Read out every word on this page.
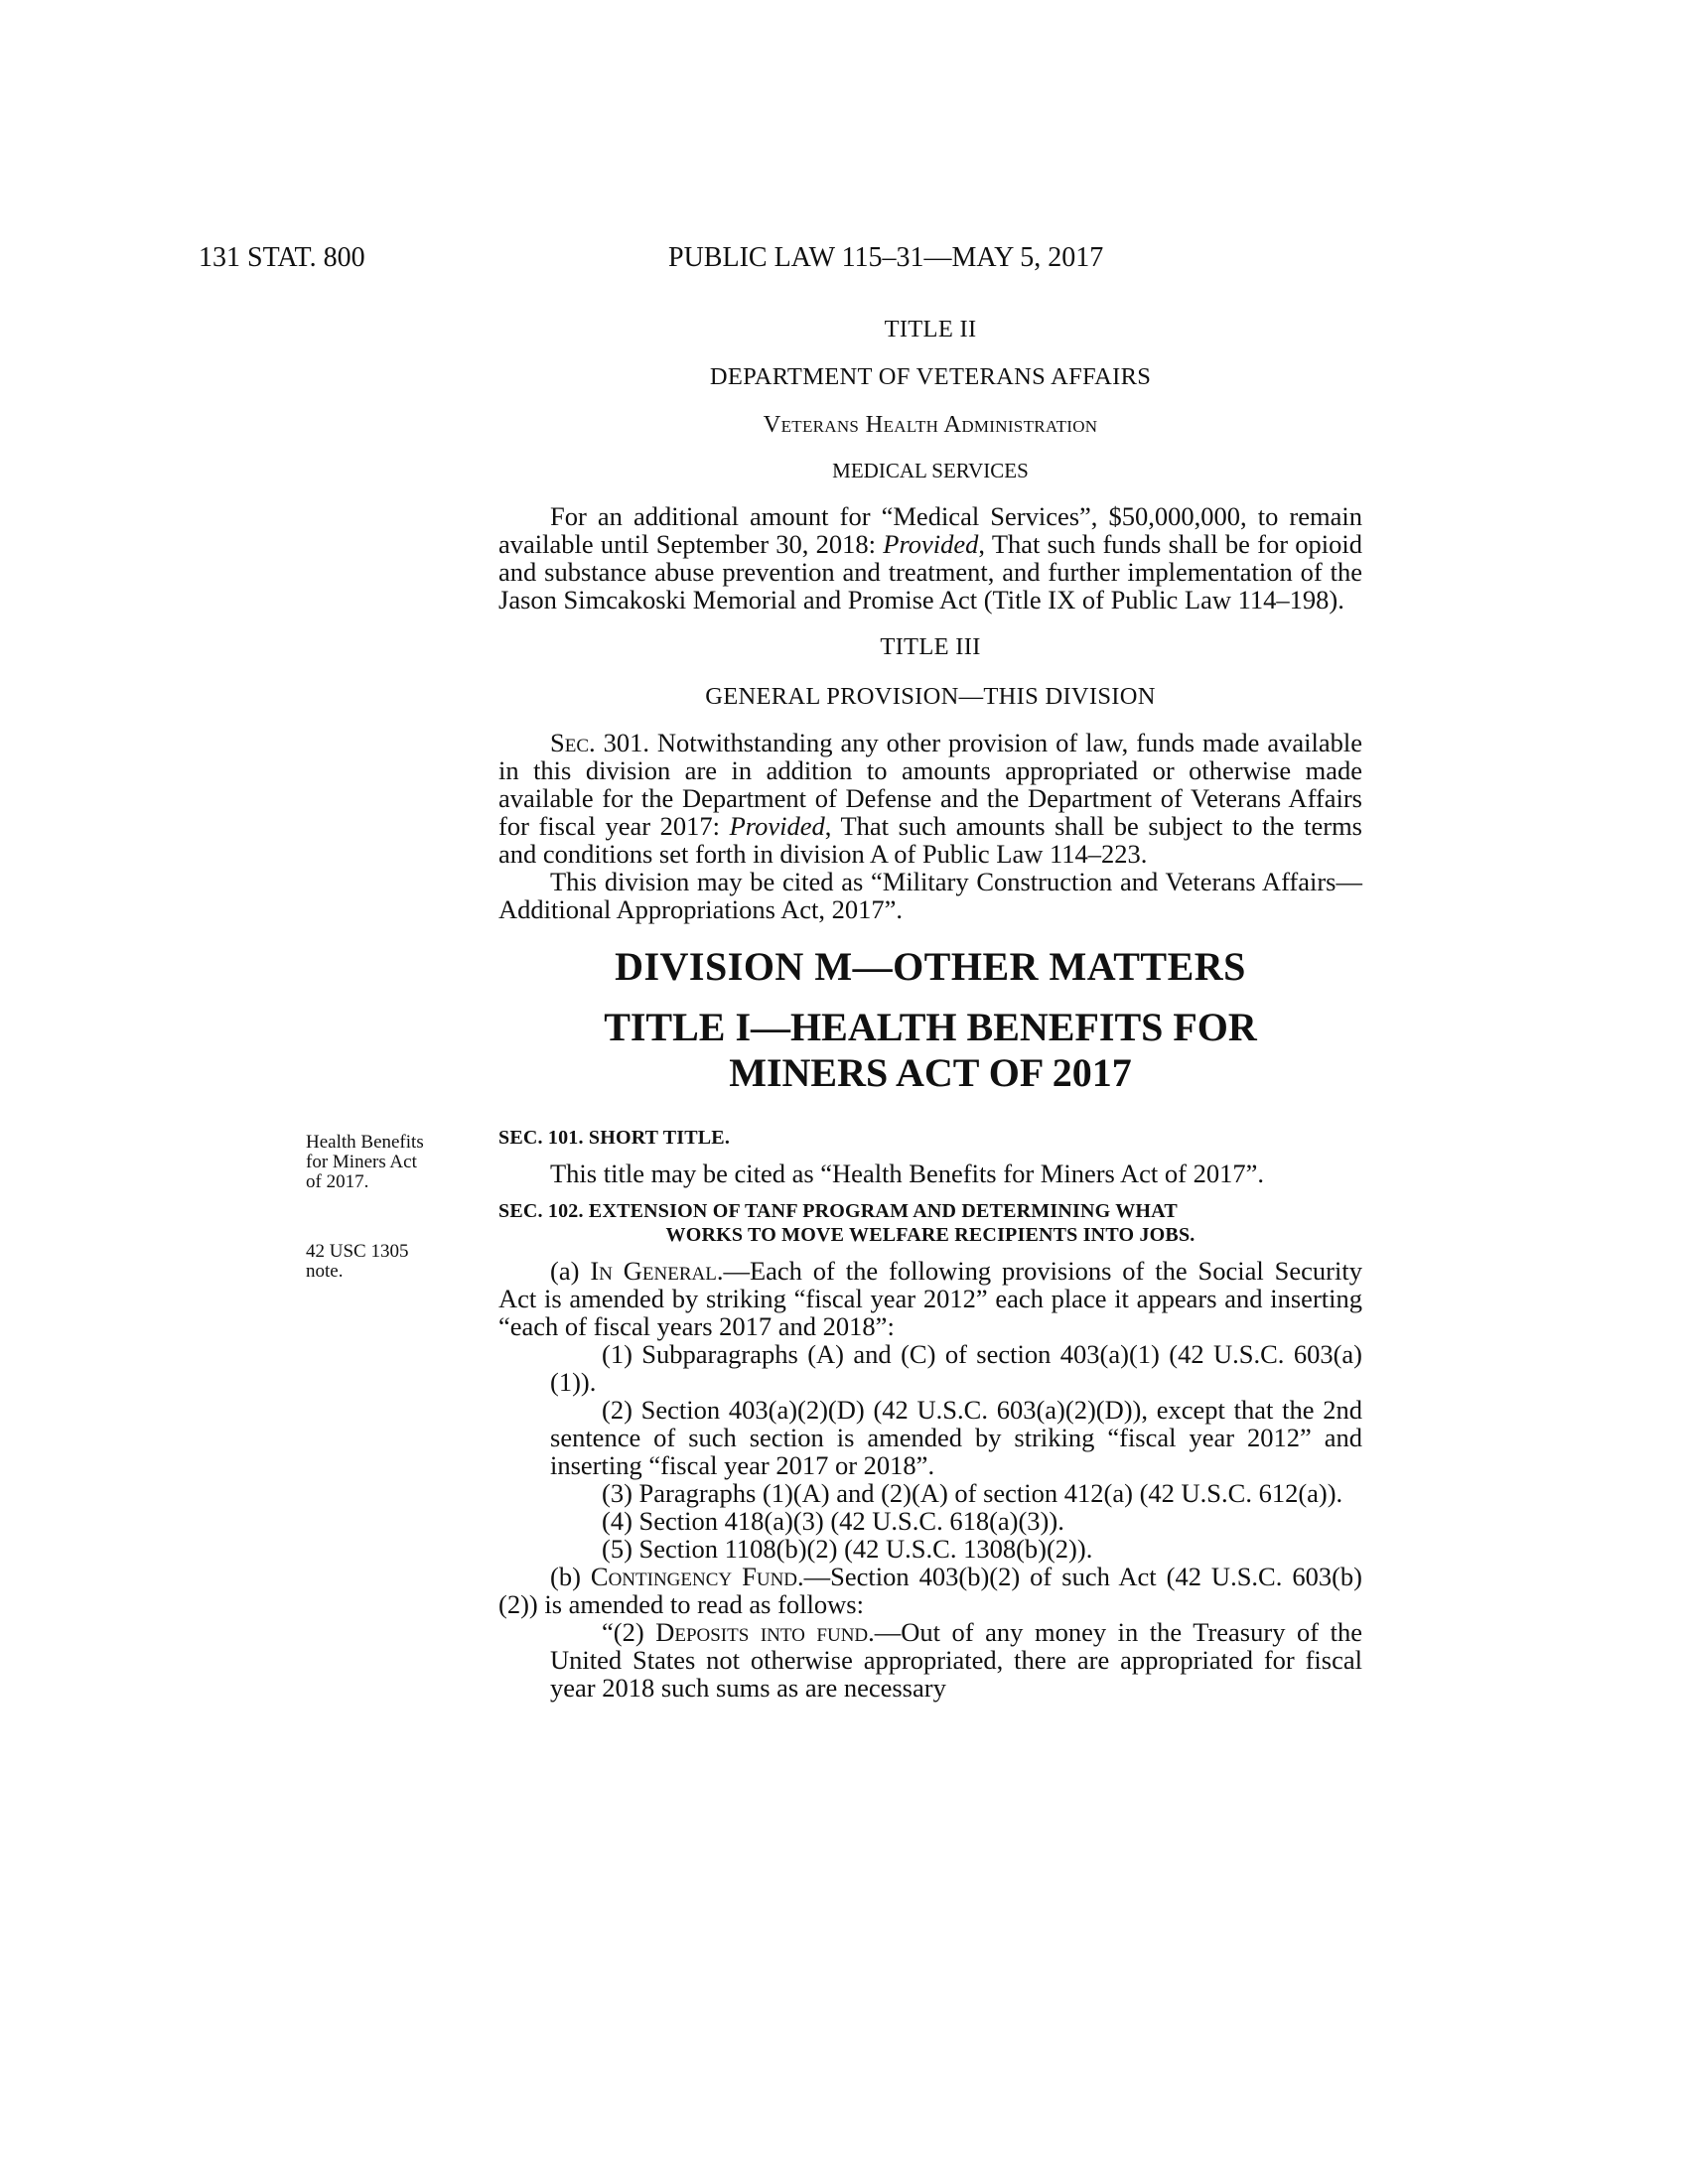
131 STAT. 800	PUBLIC LAW 115–31—MAY 5, 2017
Health Benefits
for Miners Act
of 2017.
42 USC 1305
note.
TITLE II
DEPARTMENT OF VETERANS AFFAIRS
Veterans Health Administration
MEDICAL SERVICES

For an additional amount for “Medical Services”, $50,000,000, to remain available until September 30, 2018: Provided, That such funds shall be for opioid and substance abuse prevention and treatment, and further implementation of the Jason Simcakoski Memorial and Promise Act (Title IX of Public Law 114–198).

TITLE III
GENERAL PROVISION—THIS DIVISION

Sec. 301. Notwithstanding any other provision of law, funds made available in this division are in addition to amounts appropriated or otherwise made available for the Department of Defense and the Department of Veterans Affairs for fiscal year 2017: Provided, That such amounts shall be subject to the terms and conditions set forth in division A of Public Law 114–223.

This division may be cited as “Military Construction and Veterans Affairs—Additional Appropriations Act, 2017”.

DIVISION M—OTHER MATTERS
TITLE I—HEALTH BENEFITS FOR
MINERS ACT OF 2017

SEC. 101. SHORT TITLE.

This title may be cited as “Health Benefits for Miners Act of 2017”.

SEC. 102. EXTENSION OF TANF PROGRAM AND DETERMINING WHAT

WORKS TO MOVE WELFARE RECIPIENTS INTO JOBS.

(a) In General.—Each of the following provisions of the Social Security Act is amended by striking “fiscal year 2012” each place it appears and inserting “each of fiscal years 2017 and 2018”:

(1) Subparagraphs (A) and (C) of section 403(a)(1) (42 U.S.C. 603(a)(1)).

(2) Section 403(a)(2)(D) (42 U.S.C. 603(a)(2)(D)), except that the 2nd sentence of such section is amended by striking “fiscal year 2012” and inserting “fiscal year 2017 or 2018”.

(3) Paragraphs (1)(A) and (2)(A) of section 412(a) (42 U.S.C. 612(a)).

(4) Section 418(a)(3) (42 U.S.C. 618(a)(3)).

(5) Section 1108(b)(2) (42 U.S.C. 1308(b)(2)).

(b) Contingency Fund.—Section 403(b)(2) of such Act (42 U.S.C. 603(b)(2)) is amended to read as follows:

“(2) Deposits into fund.—Out of any money in the Treasury of the United States not otherwise appropriated, there are appropriated for fiscal year 2018 such sums as are necessary
